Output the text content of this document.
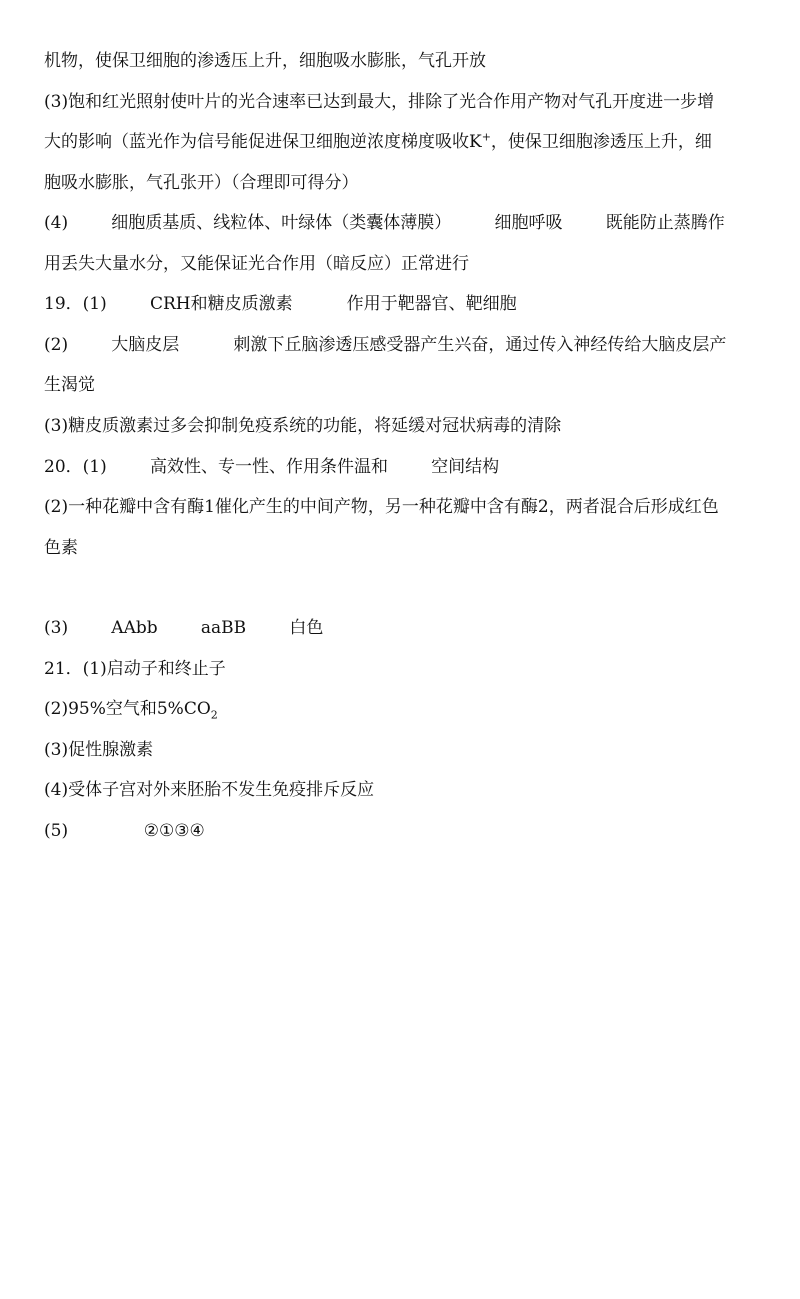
机物，使保卫细胞的渗透压上升，细胞吸水膨胀，气孔开放
(3)饱和红光照射使叶片的光合速率已达到最大，排除了光合作用产物对气孔开度进一步增
大的影响（蓝光作为信号能促进保卫细胞逆浓度梯度吸收K+，使保卫细胞渗透压上升，细
胞吸水膨胀，气孔张开）（合理即可得分）
(4)        细胞质基质、线粒体、叶绿体（类囊体薄膜）        细胞呼吸        既能防止蒸腾作
用丢失大量水分，又能保证光合作用（暗反应）正常进行
19．(1)        CRH和糖皮质激素          作用于靶器官、靶细胞
(2)        大脑皮层          刺激下丘脑渗透压感受器产生兴奋，通过传入神经传给大脑皮层产
生渴觉
(3)糖皮质激素过多会抑制免疫系统的功能，将延缓对冠状病毒的清除
20．(1)        高效性、专一性、作用条件温和        空间结构
(2)一种花瓣中含有酶1催化产生的中间产物，另一种花瓣中含有酶2，两者混合后形成红色
色素
(3)        AAbb        aaBB        白色
21．(1)启动子和终止子
(2)95%空气和$5\%CO_2$
(3)促性腺激素
(4)受体子宫对外来胚胎不发生免疫排斥反应
(5)              ②①③④
